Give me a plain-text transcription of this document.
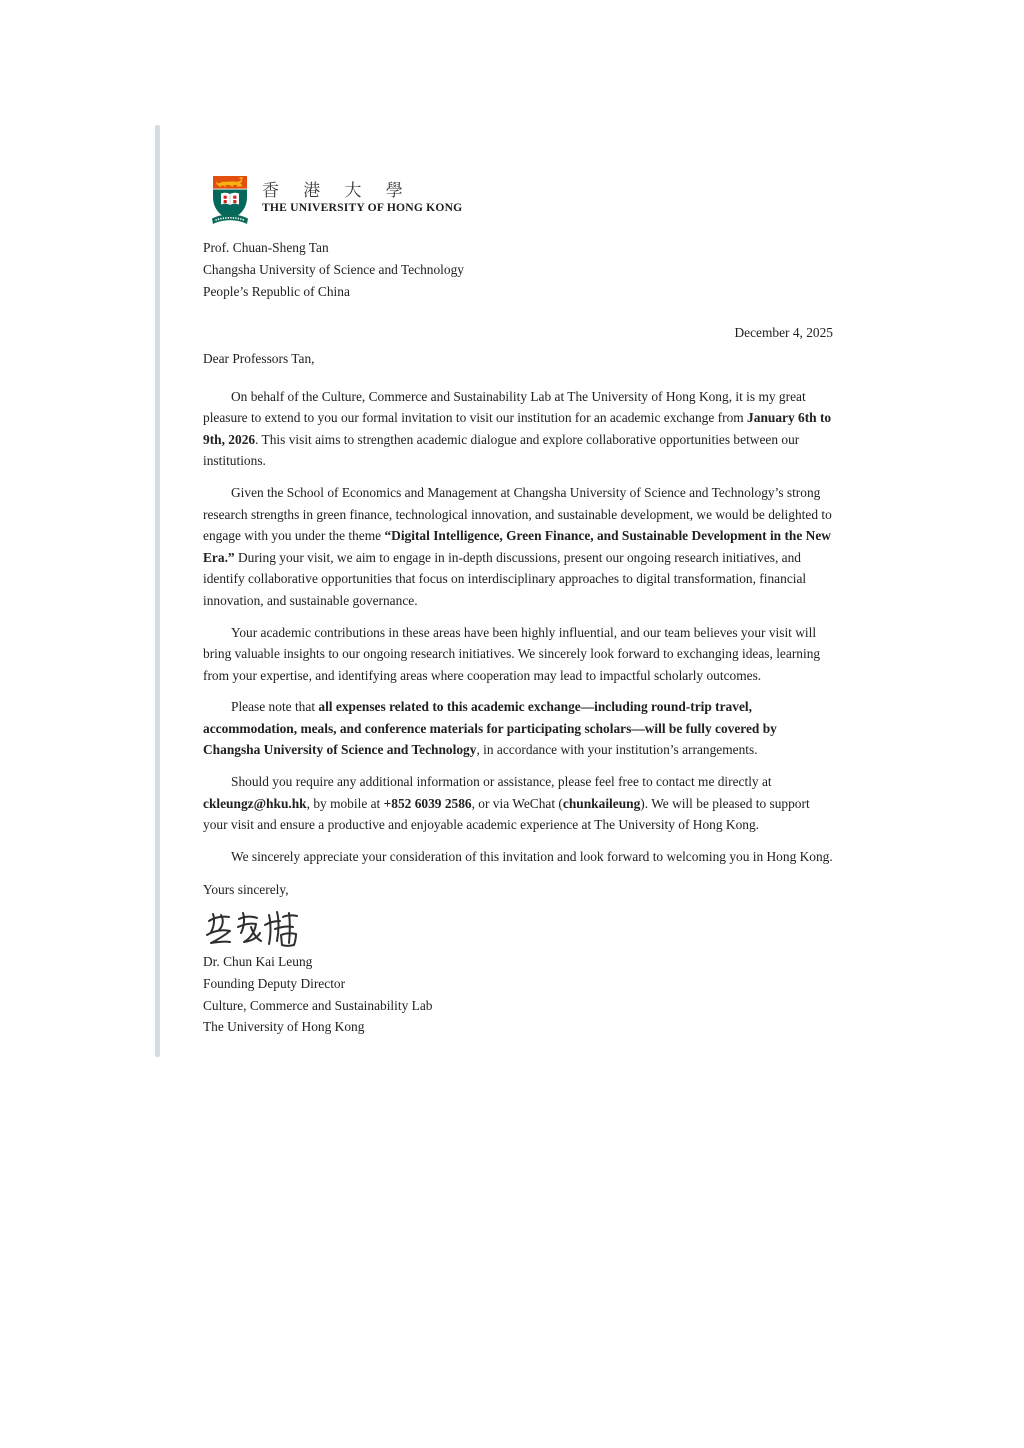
香 港 大 學
THE UNIVERSITY OF HONG KONG
Prof. Chuan-Sheng Tan
Changsha University of Science and Technology
People’s Republic of China
December 4, 2025
Dear Professors Tan,

On behalf of the Culture, Commerce and Sustainability Lab at The University of Hong Kong, it is my great pleasure to extend to you our formal invitation to visit our institution for an academic exchange from January 6th to 9th, 2026. This visit aims to strengthen academic dialogue and explore collaborative opportunities between our institutions.

Given the School of Economics and Management at Changsha University of Science and Technology’s strong research strengths in green finance, technological innovation, and sustainable development, we would be delighted to engage with you under the theme “Digital Intelligence, Green Finance, and Sustainable Development in the New Era.” During your visit, we aim to engage in in-depth discussions, present our ongoing research initiatives, and identify collaborative opportunities that focus on interdisciplinary approaches to digital transformation, financial innovation, and sustainable governance.

Your academic contributions in these areas have been highly influential, and our team believes your visit will bring valuable insights to our ongoing research initiatives. We sincerely look forward to exchanging ideas, learning from your expertise, and identifying areas where cooperation may lead to impactful scholarly outcomes.

Please note that all expenses related to this academic exchange—including round-trip travel, accommodation, meals, and conference materials for participating scholars—will be fully covered by Changsha University of Science and Technology, in accordance with your institution’s arrangements.

Should you require any additional information or assistance, please feel free to contact me directly at ckleungz@hku.hk, by mobile at +852 6039 2586, or via WeChat (chunkaileung). We will be pleased to support your visit and ensure a productive and enjoyable academic experience at The University of Hong Kong.

We sincerely appreciate your consideration of this invitation and look forward to welcoming you in Hong Kong.

Yours sincerely,
Dr. Chun Kai Leung
Founding Deputy Director
Culture, Commerce and Sustainability Lab
The University of Hong Kong
